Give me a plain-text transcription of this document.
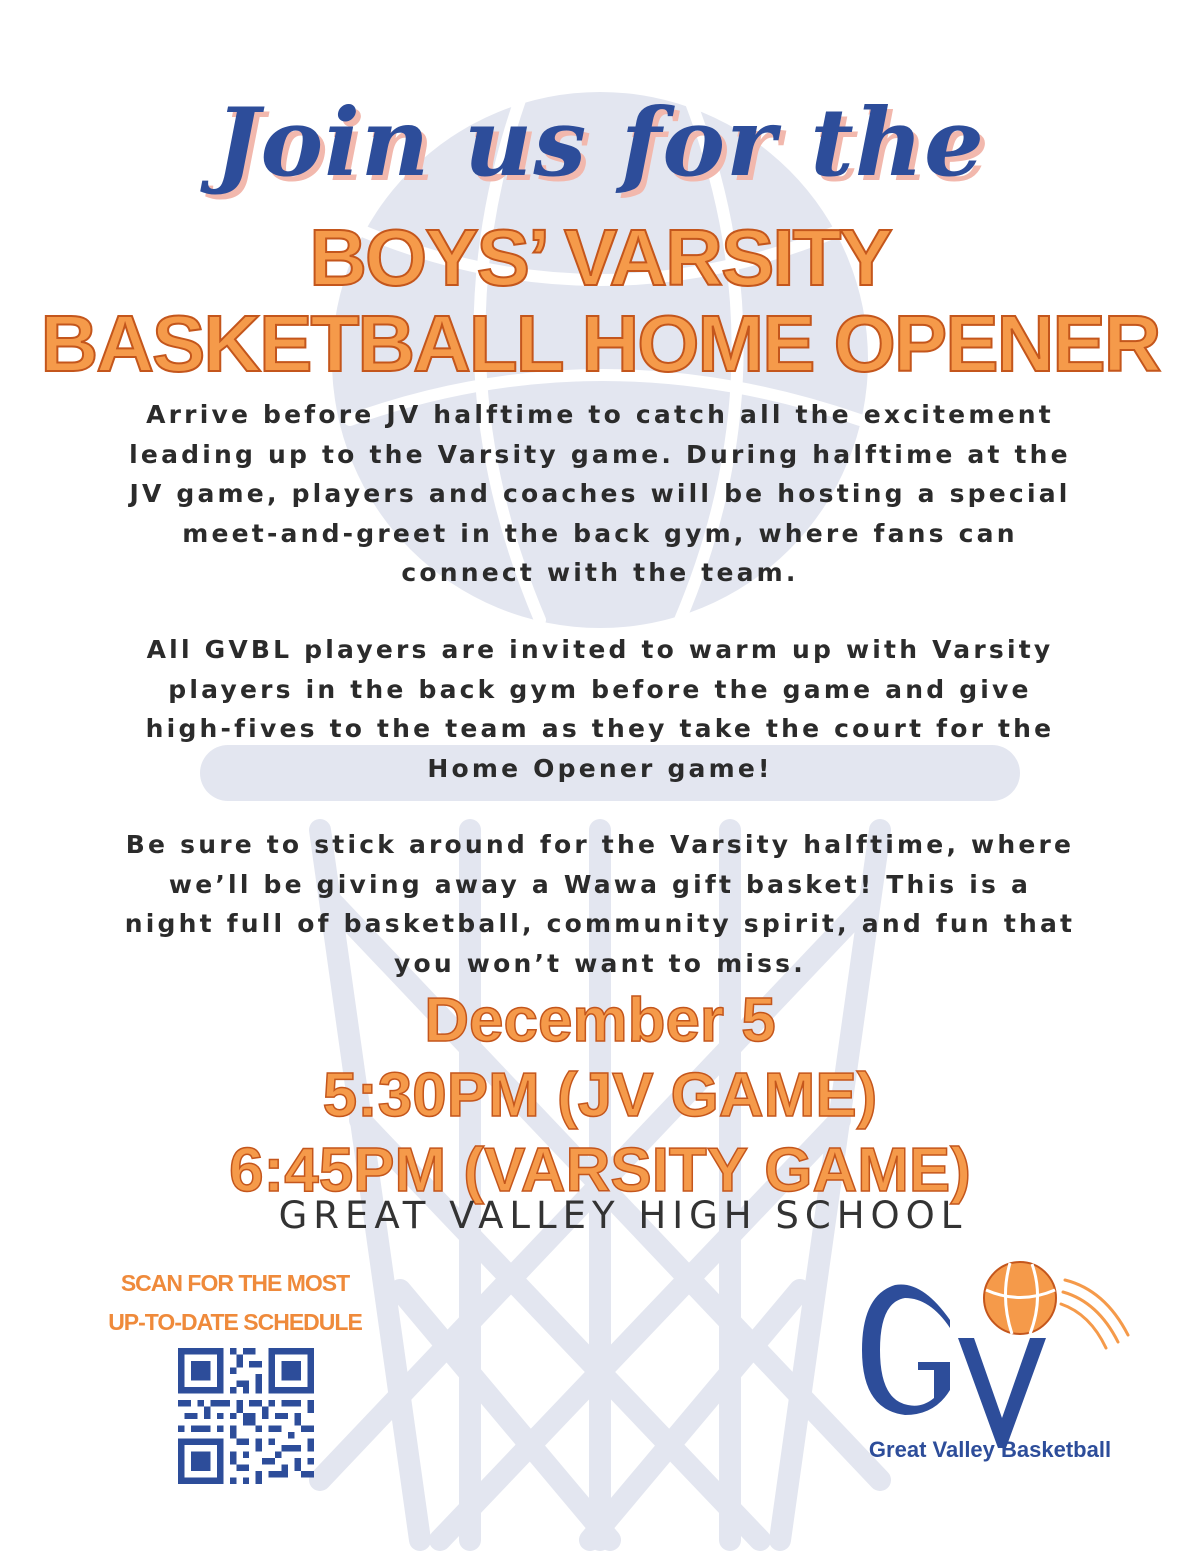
Join us for the
BOYS’ VARSITY
BASKETBALL HOME OPENER
Arrive before JV halftime to catch all the excitement leading up to the Varsity game. During halftime at the JV game, players and coaches will be hosting a special meet-and-greet in the back gym, where fans can connect with the team.
All GVBL players are invited to warm up with Varsity players in the back gym before the game and give high-fives to the team as they take the court for the Home Opener game!
Be sure to stick around for the Varsity halftime, where we’ll be giving away a Wawa gift basket! This is a night full of basketball, community spirit, and fun that you won’t want to miss.
December 5
5:30PM (JV GAME)
6:45PM (VARSITY GAME)
GREAT VALLEY HIGH SCHOOL
SCAN FOR THE MOST
UP-TO-DATE SCHEDULE
Great Valley Basketball
